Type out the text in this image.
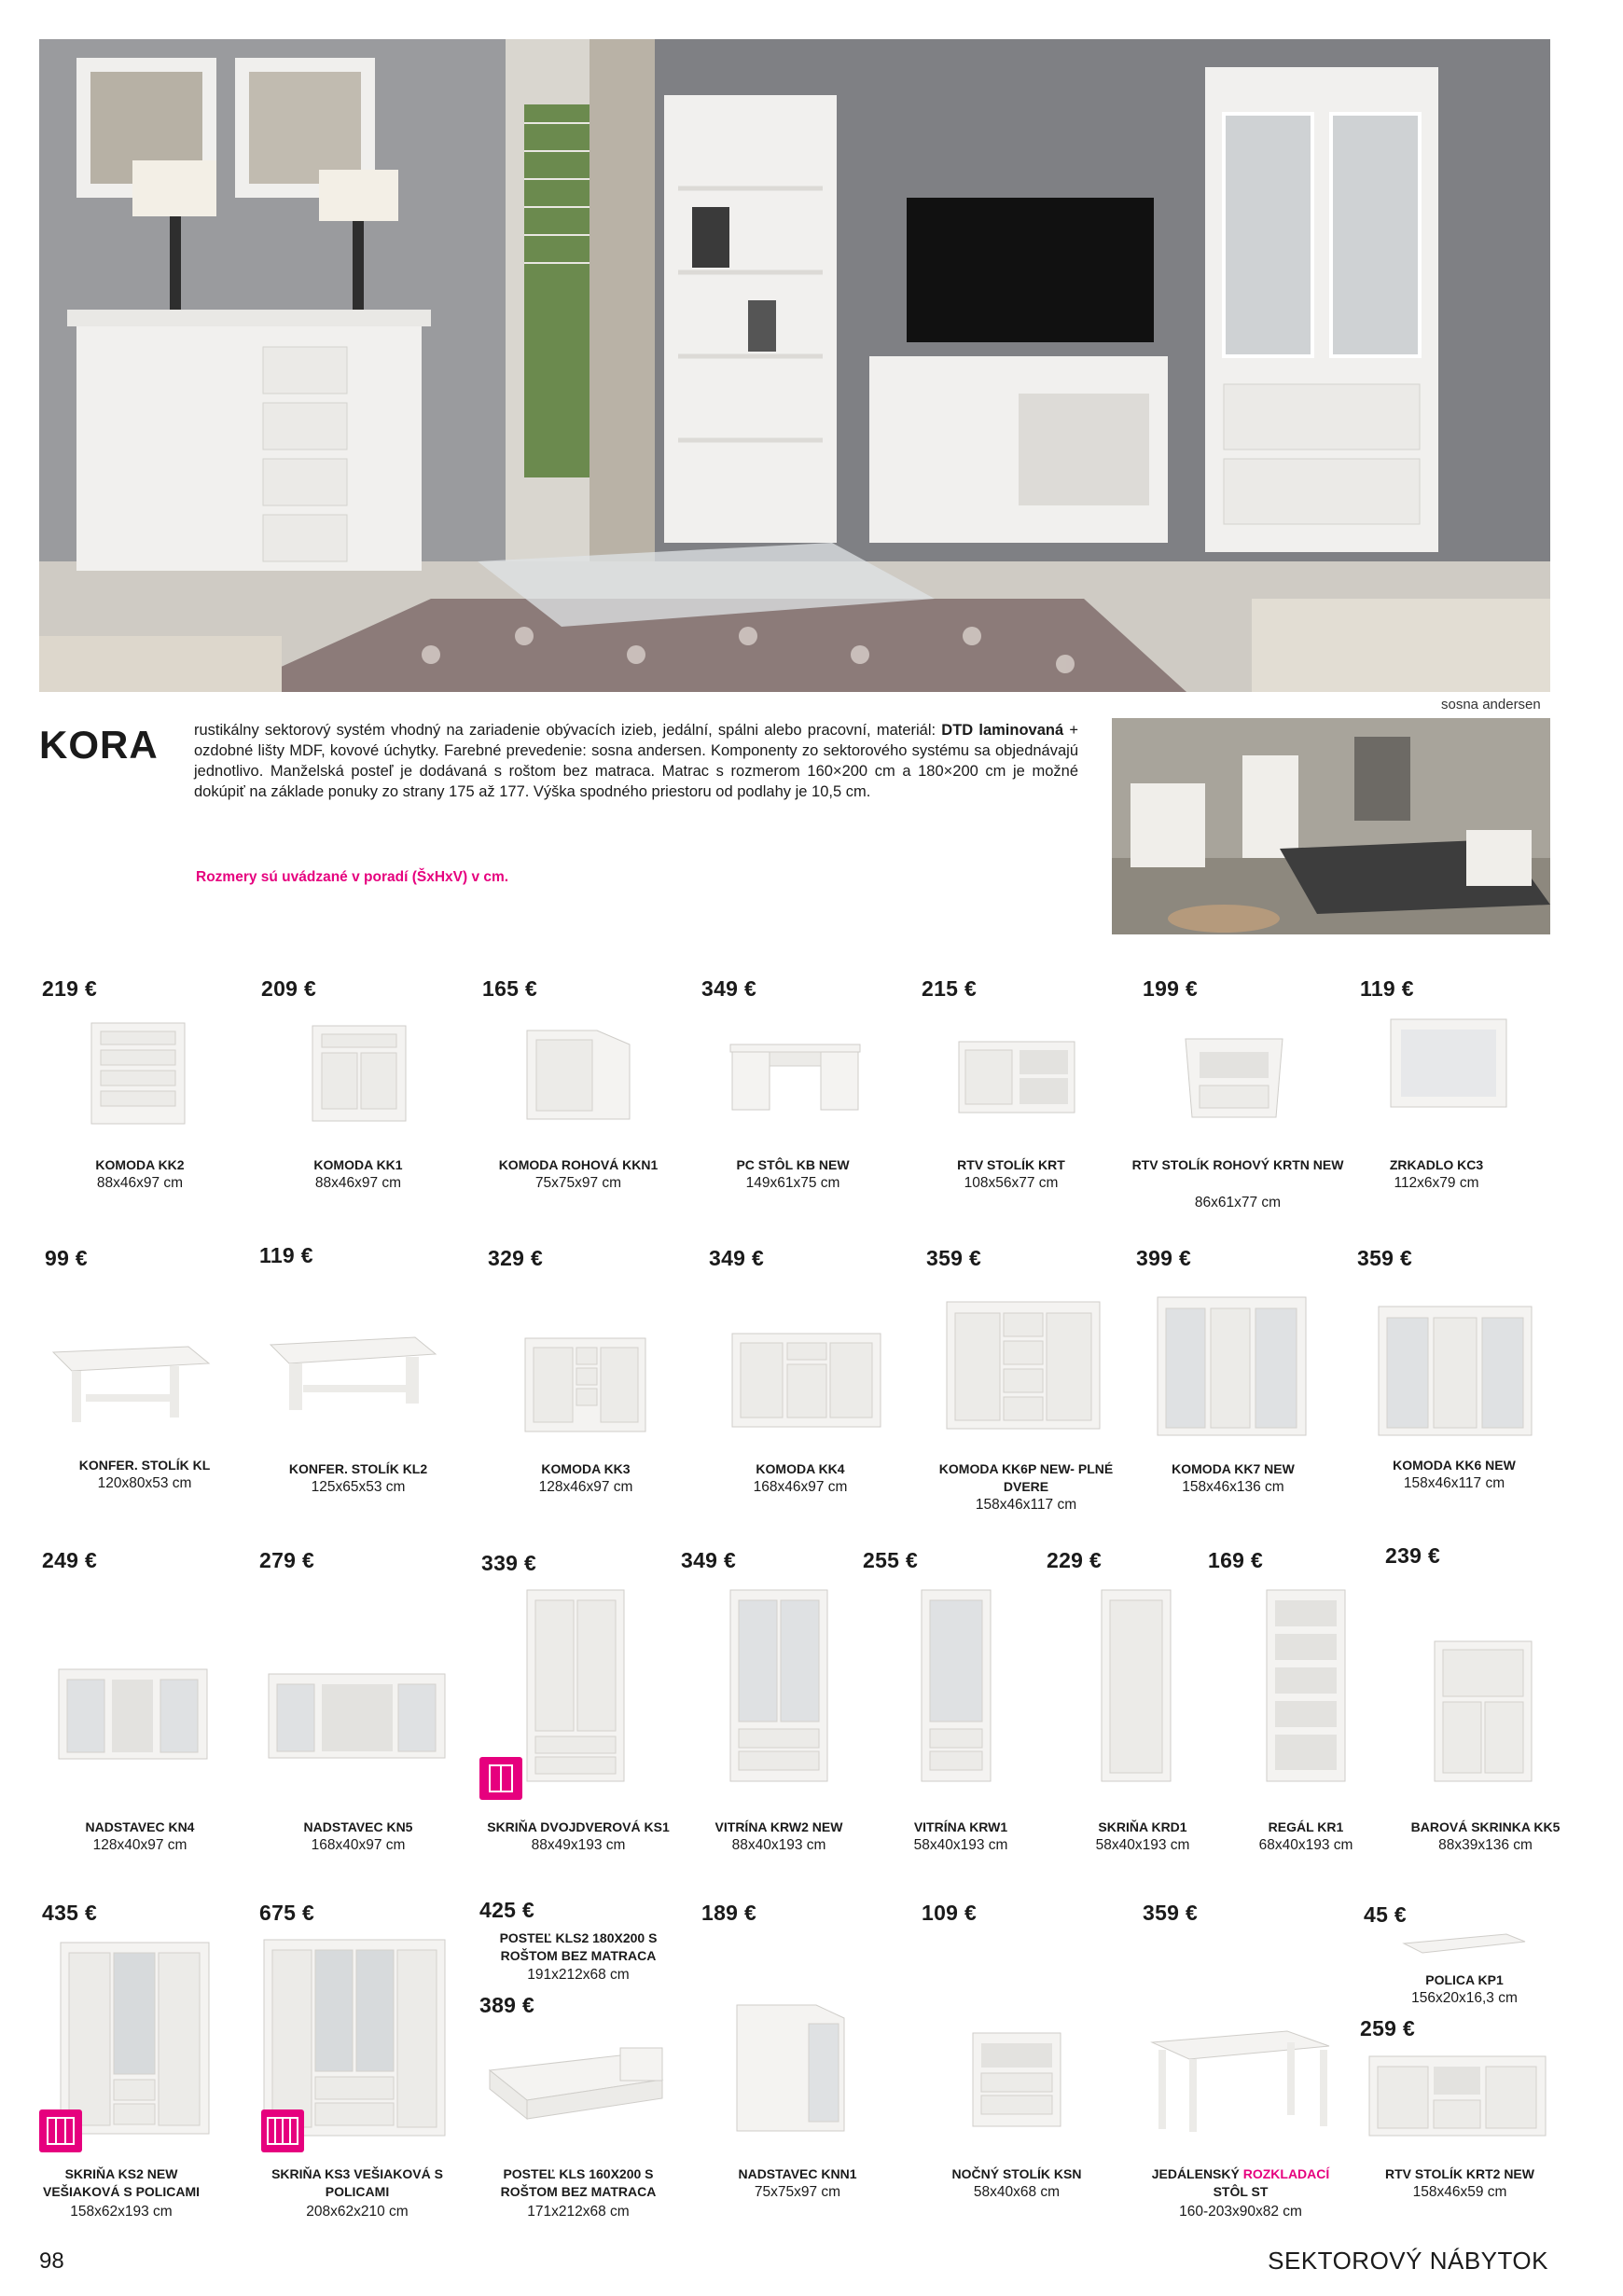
sosna andersen
KORA rustikálny sektorový systém vhodný na zariadenie obývacích izieb, jedální, spálni alebo pracovní, materiál: DTD laminovaná + ozdobné lišty MDF, kovové úchytky. Farebné prevedenie: sosna andersen. Komponenty zo sektorového systému sa objednávajú jednotlivo. Manželská posteľ je dodávaná s roštom bez matraca. Matrac s rozmerom 160×200 cm a 180×200 cm je možné dokúpiť na základe ponuky zo strany 175 až 177. Výška spodného priestoru od podlahy je 10,5 cm.
Rozmery sú uvádzané v poradí (ŠxHxV) v cm.
219 €
KOMODA KK2
88x46x97 cm
209 €
KOMODA KK1
88x46x97 cm
165 €
KOMODA ROHOVÁ KKN1
75x75x97 cm
349 €
PC STÔL KB NEW
149x61x75 cm
215 €
RTV STOLÍK KRT
108x56x77 cm
199 €
RTV STOLÍK ROHOVÝ KRTN NEW
86x61x77 cm
119 €
ZRKADLO KC3
112x6x79 cm
99 €
KONFER. STOLÍK KL
120x80x53 cm
119 €
KONFER. STOLÍK KL2
125x65x53 cm
329 €
KOMODA KK3
128x46x97 cm
349 €
KOMODA KK4
168x46x97 cm
359 €
KOMODA KK6P NEW- PLNÉ DVERE
158x46x117 cm
399 €
KOMODA KK7 NEW
158x46x136 cm
359 €
KOMODA KK6 NEW
158x46x117 cm
249 €
NADSTAVEC KN4
128x40x97 cm
279 €
NADSTAVEC KN5
168x40x97 cm
339 €
SKRIŇA DVOJDVEROVÁ KS1
88x49x193 cm
349 €
VITRÍNA KRW2 NEW
88x40x193 cm
255 €
VITRÍNA KRW1
58x40x193 cm
229 €
SKRIŇA KRD1
58x40x193 cm
169 €
REGÁL KR1
68x40x193 cm
239 €
BAROVÁ SKRINKA KK5
88x39x136 cm
435 €
SKRIŇA KS2 NEW VEŠIAKOVÁ S POLICAMI
158x62x193 cm
675 €
SKRIŇA KS3 VEŠIAKOVÁ S POLICAMI
208x62x210 cm
425 €
POSTEĽ KLS2 180X200 S ROŠTOM BEZ MATRACA
191x212x68 cm
389 €
POSTEĽ KLS 160X200 S ROŠTOM BEZ MATRACA
171x212x68 cm
189 €
NADSTAVEC KNN1
75x75x97 cm
109 €
NOČNÝ STOLÍK KSN
58x40x68 cm
359 €
JEDÁLENSKÝ ROZKLADACÍ
STÔL ST
160-203x90x82 cm
45 €
POLICA KP1
156x20x16,3 cm
259 €
RTV STOLÍK KRT2 NEW
158x46x59 cm
98	SEKTOROVÝ NÁBYTOK
